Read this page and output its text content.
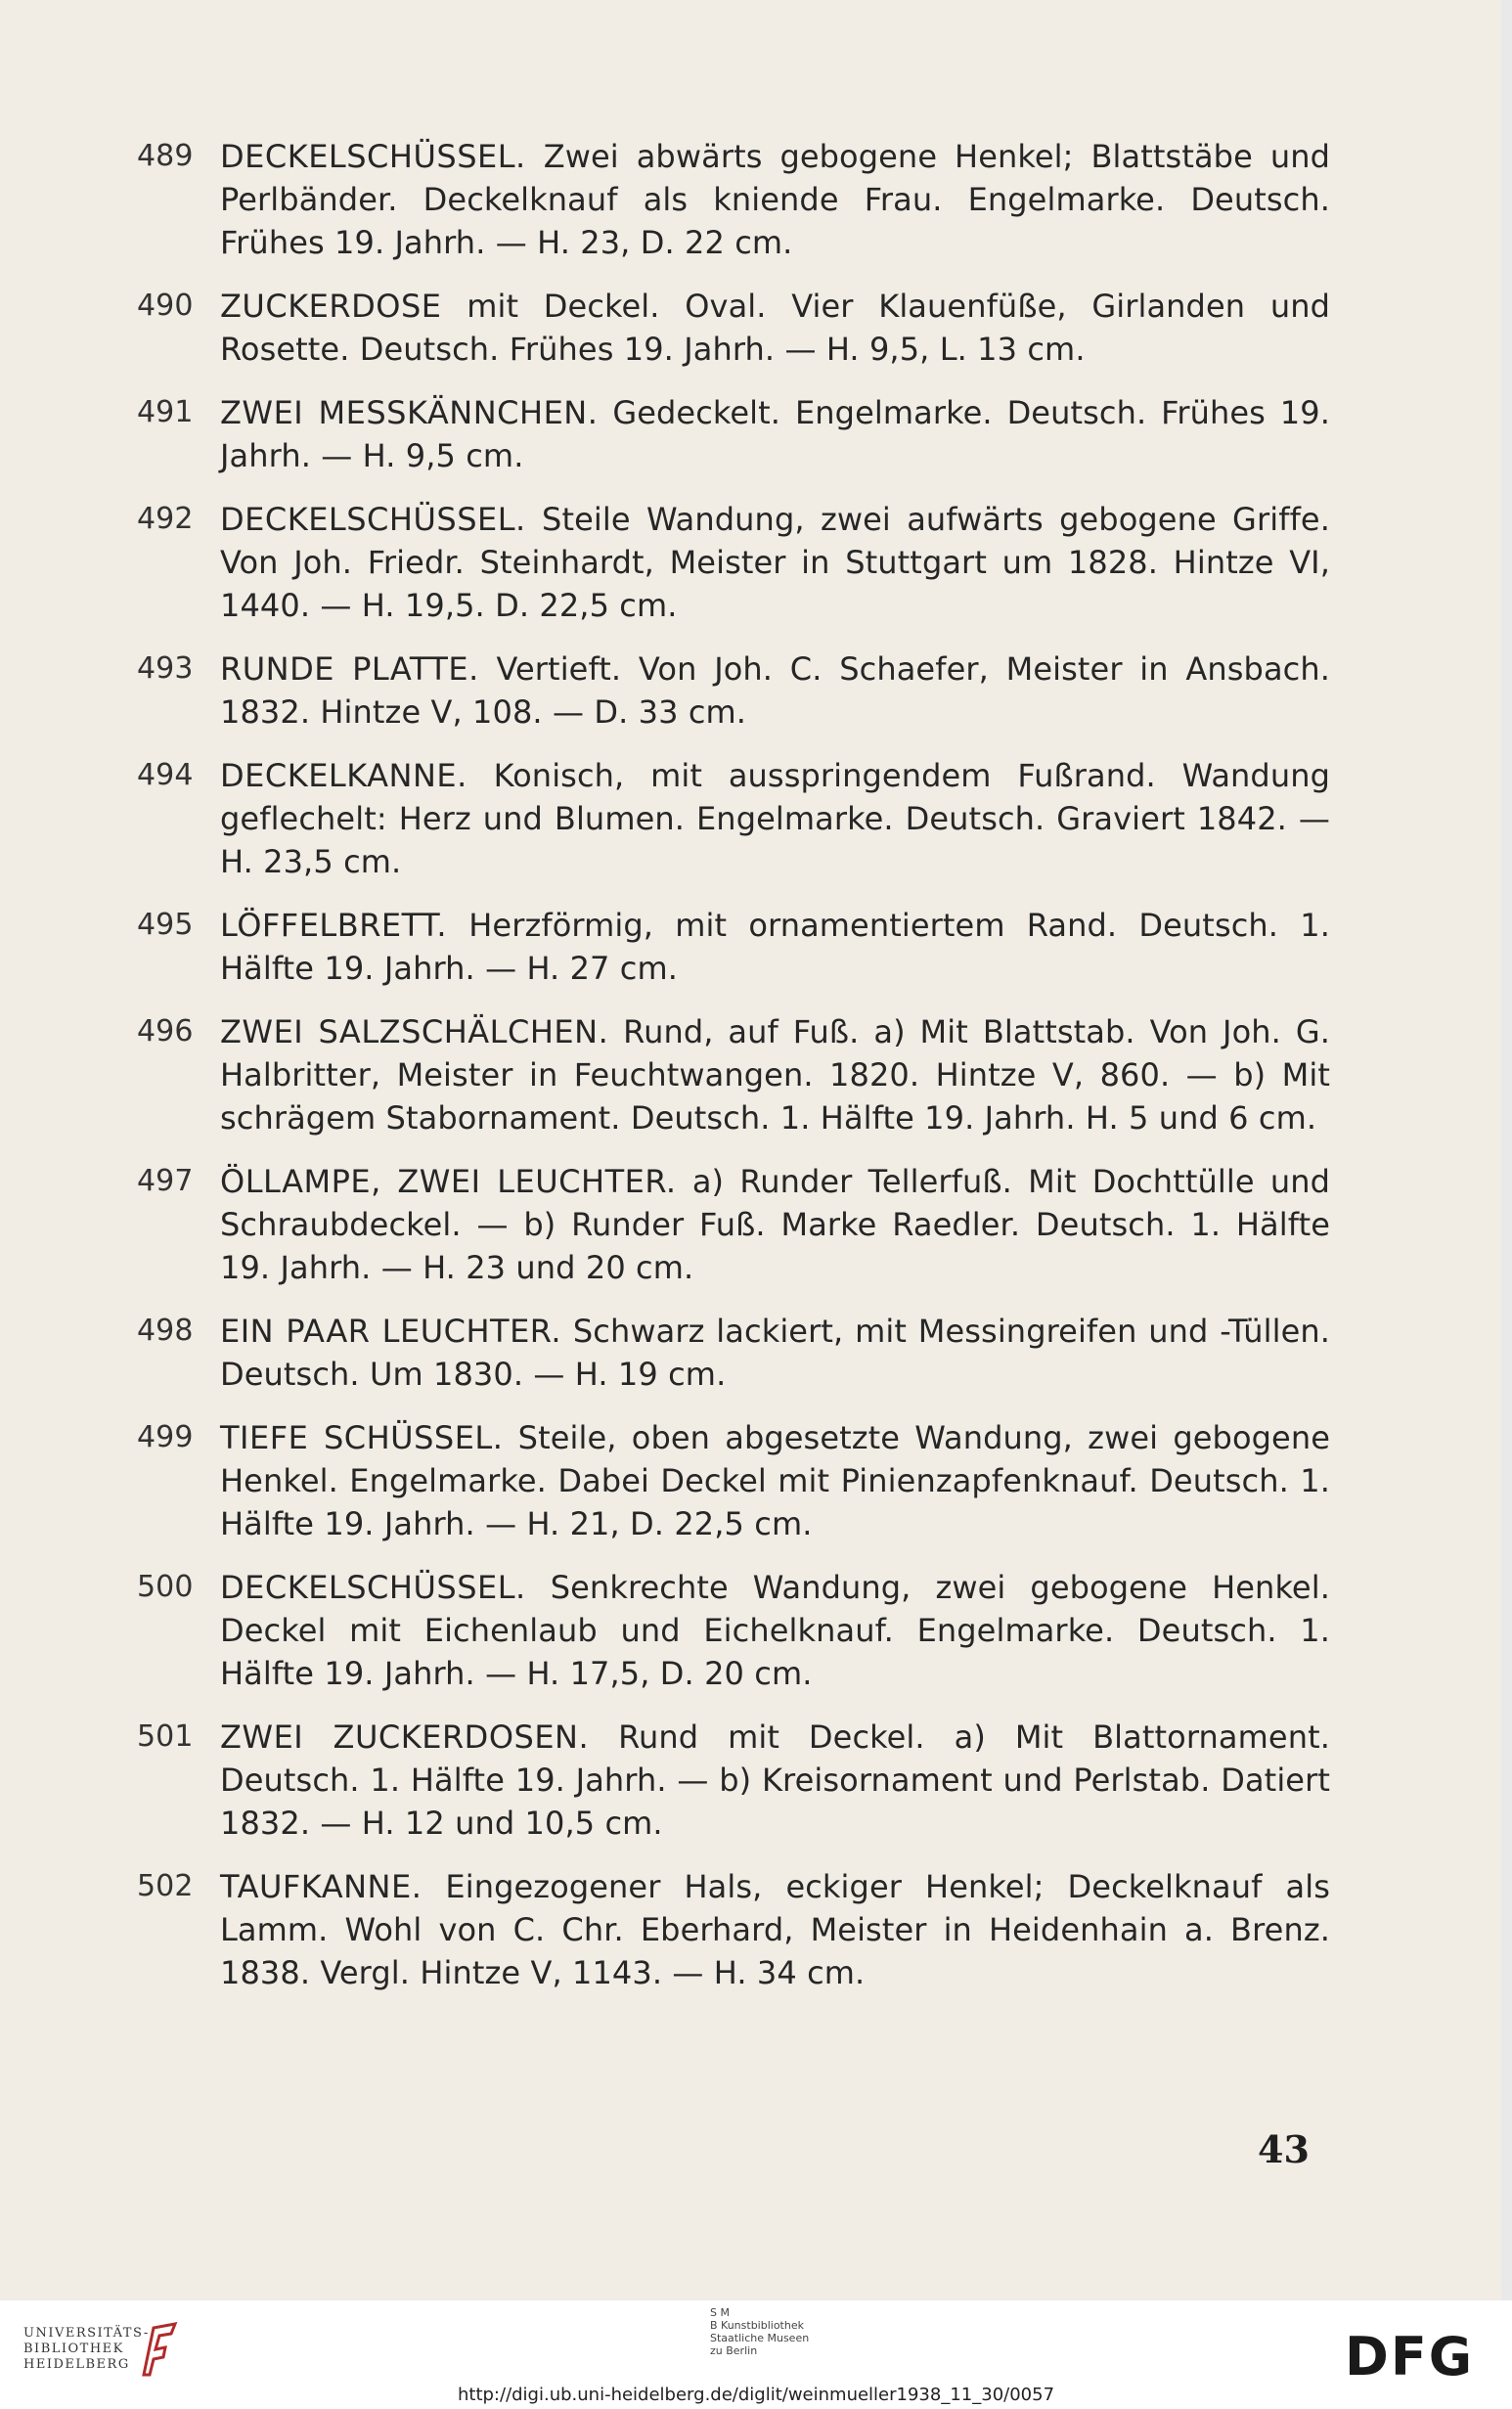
489 DECKELSCHÜSSEL. Zwei abwärts gebogene Henkel; Blattstäbe und Perlbänder. Deckelknauf als kniende Frau. Engelmarke. Deutsch. Frühes 19. Jahrh. — H. 23, D. 22 cm.
490 ZUCKERDOSE mit Deckel. Oval. Vier Klauenfüße, Girlanden und Rosette. Deutsch. Frühes 19. Jahrh. — H. 9,5, L. 13 cm.
491 ZWEI MESSKÄNNCHEN. Gedeckelt. Engelmarke. Deutsch. Frühes 19. Jahrh. — H. 9,5 cm.
492 DECKELSCHÜSSEL. Steile Wandung, zwei aufwärts gebogene Griffe. Von Joh. Friedr. Steinhardt, Meister in Stuttgart um 1828. Hintze VI, 1440. — H. 19,5. D. 22,5 cm.
493 RUNDE PLATTE. Vertieft. Von Joh. C. Schaefer, Meister in Ansbach. 1832. Hintze V, 108. — D. 33 cm.
494 DECKELKANNE. Konisch, mit ausspringendem Fußrand. Wandung geflechelt: Herz und Blumen. Engelmarke. Deutsch. Graviert 1842. — H. 23,5 cm.
495 LÖFFELBRETT. Herzförmig, mit ornamentiertem Rand. Deutsch. 1. Hälfte 19. Jahrh. — H. 27 cm.
496 ZWEI SALZSCHÄLCHEN. Rund, auf Fuß. a) Mit Blattstab. Von Joh. G. Halbritter, Meister in Feuchtwangen. 1820. Hintze V, 860. — b) Mit schrägem Stabornament. Deutsch. 1. Hälfte 19. Jahrh. H. 5 und 6 cm.
497 ÖLLAMPE, ZWEI LEUCHTER. a) Runder Tellerfuß. Mit Dochttülle und Schraubdeckel. — b) Runder Fuß. Marke Raedler. Deutsch. 1. Hälfte 19. Jahrh. — H. 23 und 20 cm.
498 EIN PAAR LEUCHTER. Schwarz lackiert, mit Messingreifen und -Tüllen. Deutsch. Um 1830. — H. 19 cm.
499 TIEFE SCHÜSSEL. Steile, oben abgesetzte Wandung, zwei gebogene Henkel. Engelmarke. Dabei Deckel mit Pinienzapfenknauf. Deutsch. 1. Hälfte 19. Jahrh. — H. 21, D. 22,5 cm.
500 DECKELSCHÜSSEL. Senkrechte Wandung, zwei gebogene Henkel. Deckel mit Eichenlaub und Eichelknauf. Engelmarke. Deutsch. 1. Hälfte 19. Jahrh. — H. 17,5, D. 20 cm.
501 ZWEI ZUCKERDOSEN. Rund mit Deckel. a) Mit Blattornament. Deutsch. 1. Hälfte 19. Jahrh. — b) Kreisornament und Perlstab. Datiert 1832. — H. 12 und 10,5 cm.
502 TAUFKANNE. Eingezogener Hals, eckiger Henkel; Deckelknauf als Lamm. Wohl von C. Chr. Eberhard, Meister in Heidenhain a. Brenz. 1838. Vergl. Hintze V, 1143. — H. 34 cm.
43
UNIVERSITÄTS-
BIBLIOTHEK
HEIDELBERG
S M
B Kunstbibliothek
Staatliche Museen
zu Berlin	DFG
http://digi.ub.uni-heidelberg.de/diglit/weinmueller1938_11_30/0057
